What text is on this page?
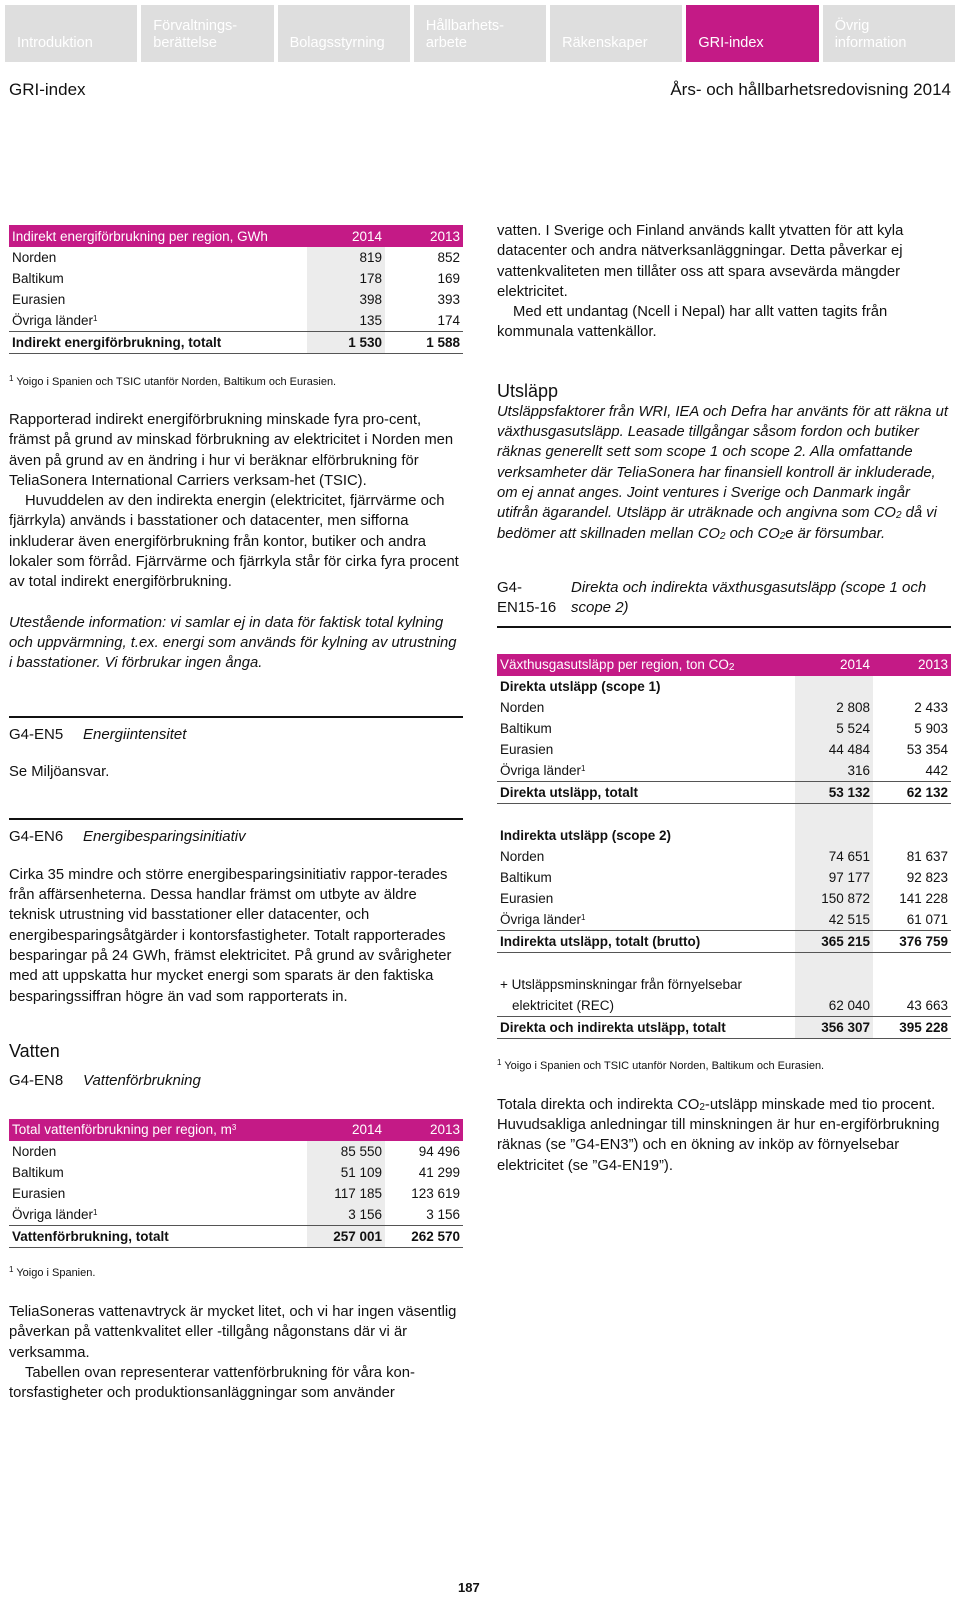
Introduktion
Förvaltnings-
berättelse	Bolagsstyrning
Hållbarhets-
arbete	Räkenskaper	GRI-index
Övrig
information
GRI-index	Års- och hållbarhetsredovisning 2014
Indirekt energiförbrukning per region, GWh	2014	2013
Norden	819	852
Baltikum	178	169
Eurasien	398	393
Övriga länder$^1$	135	174
Indirekt energiförbrukning, totalt	1 530	1 588
$^1$ Yoigo i Spanien och TSIC utanför Norden, Baltikum och Eurasien.

Rapporterad indirekt energiförbrukning minskade fyra pro-cent, främst på grund av minskad förbrukning av elektricitet i Norden men även på grund av en ändring i hur vi beräknar elförbrukning för TeliaSonera International Carriers verksam-het (TSIC).

Huvuddelen av den indirekta energin (elektricitet, fjärrvärme och fjärrkyla) används i basstationer och datacenter, men sifforna inkluderar även energiförbrukning från kontor, butiker och andra lokaler som förråd. Fjärrvärme och fjärrkyla står för cirka fyra procent av total indirekt energiförbrukning.

Utestående information: vi samlar ej in data för faktisk total kylning och uppvärmning, t.ex. energi som används för kylning av utrustning i basstationer. Vi förbrukar ingen ånga.

G4-EN5	Energiintensitet

Se Miljöansvar.

G4-EN6	Energibesparingsinitiativ

Cirka 35 mindre och större energibesparingsinitiativ rappor-terades från affärsenheterna. Dessa handlar främst om utbyte av äldre teknisk utrustning vid basstationer eller datacenter, och energibesparingsåtgärder i kontorsfastigheter. Totalt rapporterades besparingar på 24 GWh, främst elektricitet. På grund av svårigheter med att uppskatta hur mycket energi som sparats är den faktiska besparingssiffran högre än vad som rapporterats in.

Vatten
G4-EN8	Vattenförbrukning
Total vattenförbrukning per region, $m^3$	2014	2013
Norden	85 550	94 496
Baltikum	51 109	41 299
Eurasien	117 185	123 619
Övriga länder$^1$	3 156	3 156
Vattenförbrukning, totalt	257 001	262 570
$^1$ Yoigo i Spanien.

TeliaSoneras vattenavtryck är mycket litet, och vi har ingen väsentlig påverkan på vattenkvalitet eller -tillgång någonstans där vi är verksamma.

Tabellen ovan representerar vattenförbrukning för våra kon-torsfastigheter och produktionsanläggningar som använder

vatten. I Sverige och Finland används kallt ytvatten för att kyla datacenter och andra nätverksanläggningar. Detta påverkar ej vattenkvaliteten men tillåter oss att spara avsevärda mängder elektricitet.

Med ett undantag (Ncell i Nepal) har allt vatten tagits från kommunala vattenkällor.

Utsläpp

Utsläppsfaktorer från WRI, IEA och Defra har använts för att räkna ut växthusgasutsläpp. Leasade tillgångar såsom fordon och butiker räknas generellt sett som scope 1 och scope 2. Alla omfattande verksamheter där TeliaSonera har finansiell kontroll är inkluderade, om ej annat anges. Joint ventures i Sverige och Danmark ingår utifrån ägarandel. Utsläpp är uträknade och angivna som $CO_2$ då vi bedömer att skillnaden mellan $CO_2$ och $CO_2e$ är försumbar.

G4-
EN15-16
Direkta och indirekta växthusgasutsläpp (scope 1 och scope 2)
Växthusgasutsläpp per region, ton $CO_2$	2014	2013
Direkta utsläpp (scope 1)		
Norden	2 808	2 433
Baltikum	5 524	5 903
Eurasien	44 484	53 354
Övriga länder$^1$	316	442
Direkta utsläpp, totalt	53 132	62 132

Indirekta utsläpp (scope 2)		
Norden	74 651	81 637
Baltikum	97 177	92 823
Eurasien	150 872	141 228
Övriga länder$^1$	42 515	61 071
Indirekta utsläpp, totalt (brutto)	365 215	376 759

+ Utsläppsminskningar från förnyelsebar		
elektricitet (REC)	62 040	43 663
Direkta och indirekta utsläpp, totalt	356 307	395 228
$^1$ Yoigo i Spanien och TSIC utanför Norden, Baltikum och Eurasien.

Totala direkta och indirekta $CO_2$-utsläpp minskade med tio procent. Huvudsakliga anledningar till minskningen är hur en-ergiförbrukning räknas (se ”G4-EN3”) och en ökning av inköp av förnyelsebar elektricitet (se ”G4-EN19”).

187
